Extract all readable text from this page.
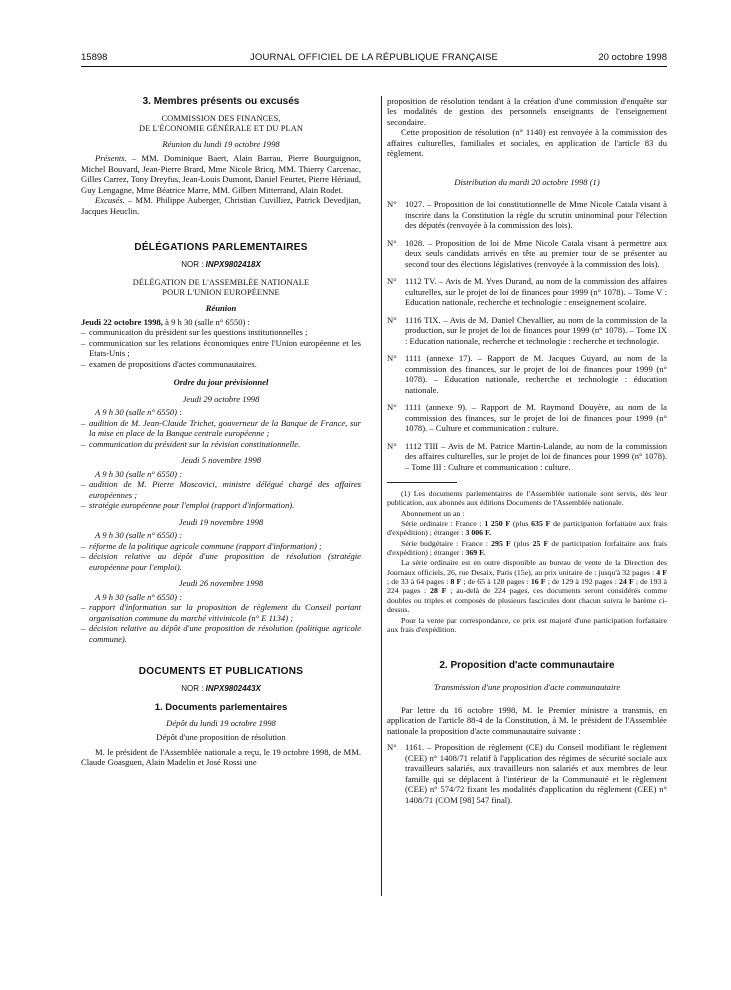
15898	JOURNAL OFFICIEL DE LA RÉPUBLIQUE FRANÇAISE	20 octobre 1998
3. Membres présents ou excusés

COMMISSION DES FINANCES,

DE L'ÉCONOMIE GÉNÉRALE ET DU PLAN

Réunion du lundi 19 octobre 1998

Présents. – MM. Dominique Baert, Alain Barrau, Pierre Bourguignon, Michel Bouvard, Jean-Pierre Brard, Mme Nicole Bricq, MM. Thierry Carcenac, Gilles Carrez, Tony Dreyfus, Jean-Louis Dumont, Daniel Feurtet, Pierre Hériaud, Guy Lengagne, Mme Béatrice Marre, MM. Gilbert Mitterrand, Alain Rodet.

Excusés. – MM. Philippe Auberger, Christian Cuvilliez, Patrick Devedjian, Jacques Heuclin.

DÉLÉGATIONS PARLEMENTAIRES
NOR : INPX9802418X

DÉLÉGATION DE L'ASSEMBLÉE NATIONALE

POUR L'UNION EUROPÉENNE

Réunion

Jeudi 22 octobre 1998, à 9 h 30 (salle n° 6550) :

– communication du président sur les questions institutionnelles ;
– communication sur les relations économiques entre l'Union européenne et les Etats-Unis ;
– examen de propositions d'actes communautaires.
Ordre du jour prévisionnel
Jeudi 29 octobre 1998
A 9 h 30 (salle n° 6550) :
– audition de M. Jean-Claude Trichet, gouverneur de la Banque de France, sur la mise en place de la Banque centrale européenne ;
– communication du président sur la révision constitutionnelle.
Jeudi 5 novembre 1998
A 9 h 30 (salle n° 6550) :
– audition de M. Pierre Moscovici, ministre délégué chargé des affaires européennes ;
– stratégie européenne pour l'emploi (rapport d'information).
Jeudi 19 novembre 1998
A 9 h 30 (salle n° 6550) :
– réforme de la politique agricole commune (rapport d'information) ;
– décision relative au dépôt d'une proposition de résolution (stratégie européenne pour l'emploi).
Jeudi 26 novembre 1998
A 9 h 30 (salle n° 6550) :
– rapport d'information sur la proposition de règlement du Conseil portant organisation commune du marché vitivinicole (n° E 1134) ;
– décision relative au dépôt d'une proposition de résolution (politique agricole commune).
DOCUMENTS ET PUBLICATIONS
NOR : INPX9802443X
1. Documents parlementaires
Dépôt du lundi 19 octobre 1998

Dépôt d'une proposition de résolution

M. le président de l'Assemblée nationale a reçu, le 19 octobre 1998, de MM. Claude Goasguen, Alain Madelin et José Rossi une

proposition de résolution tendant à la création d'une commission d'enquête sur les modalités de gestion des personnels enseignants de l'enseignement secondaire.

Cette proposition de résolution (n° 1140) est renvoyée à la commission des affaires culturelles, familiales et sociales, en application de l'article 83 du règlement.

Distribution du mardi 20 octobre 1998 (1)
N° 1027. – Proposition de loi constitutionnelle de Mme Nicole Catala visant à inscrire dans la Constitution la règle du scrutin uninominal pour l'élection des députés (renvoyée à la commission des lois).
N° 1028. – Proposition de loi de Mme Nicole Catala visant à permettre aux deux seuls candidats arrivés en tête au premier tour de se présenter au second tour des élections législatives (renvoyée à la commission des lois).
N° 1112 TV. – Avis de M. Yves Durand, au nom de la commission des affaires culturelles, sur le projet de loi de finances pour 1999 (n° 1078). – Tome V : Education nationale, recherche et technologie : enseignement scolaire.
N° 1116 TIX. – Avis de M. Daniel Chevallier, au nom de la commission de la production, sur le projet de loi de finances pour 1999 (n° 1078). – Tome IX : Education nationale, recherche et technologie : recherche et technologie.
N° 1111 (annexe 17). – Rapport de M. Jacques Guyard, au nom de la commission des finances, sur le projet de loi de finances pour 1999 (n° 1078). – Education nationale, recherche et technologie : éducation nationale.
N° 1111 (annexe 9). – Rapport de M. Raymond Douyère, au nom de la commission des finances, sur le projet de loi de finances pour 1999 (n° 1078). – Culture et communication : culture.
N° 1112 TIII – Avis de M. Patrice Martin-Lalande, au nom de la commission des affaires culturelles, sur le projet de loi de finances pour 1999 (n° 1078). – Tome III : Culture et communication : culture.

(1) Les documents parlementaires de l'Assemblée nationale sont servis, dès leur publication, aux abonnés aux éditions Documents de l'Assemblée nationale.

Abonnement un an :

Série ordinaire : France : 1 250 F (plus 635 F de participation forfaitaire aux frais d'expédition) ; étranger : 3 006 F.

Série budgétaire : France : 295 F (plus 25 F de participation forfaitaire aux frais d'expédition) ; étranger : 369 F.

La série ordinaire est en outre disponible au bureau de vente de la Direction des Journaux officiels, 26, rue Desaix, Paris (15e), au prix unitaire de : jusqu'à 32 pages : 4 F ; de 33 à 64 pages : 8 F ; de 65 à 128 pages : 16 F ; de 129 à 192 pages : 24 F ; de 193 à 224 pages : 28 F ; au-delà de 224 pages, ces documents seront considérés comme doubles ou triples et composés de plusieurs fascicules dont chacun suivra le barème ci-dessus.

Pour la vente par correspondance, ce prix est majoré d'une participation forfaitaire aux frais d'expédition.

2. Proposition d'acte communautaire
Transmission d'une proposition d'acte communautaire

Par lettre du 16 octobre 1998, M. le Premier ministre a transmis, en application de l'article 88-4 de la Constitution, à M. le président de l'Assemblée nationale la proposition d'acte communautaire suivante :

N° 1161. – Proposition de règlement (CE) du Conseil modifiant le règlement (CEE) n° 1408/71 relatif à l'application des régimes de sécurité sociale aux travailleurs salariés, aux travailleurs non salariés et aux membres de leur famille qui se déplacent à l'intérieur de la Communauté et le règlement (CEE) n° 574/72 fixant les modalités d'application du règlement (CEE) n° 1408/71 (COM [98] 547 final).
